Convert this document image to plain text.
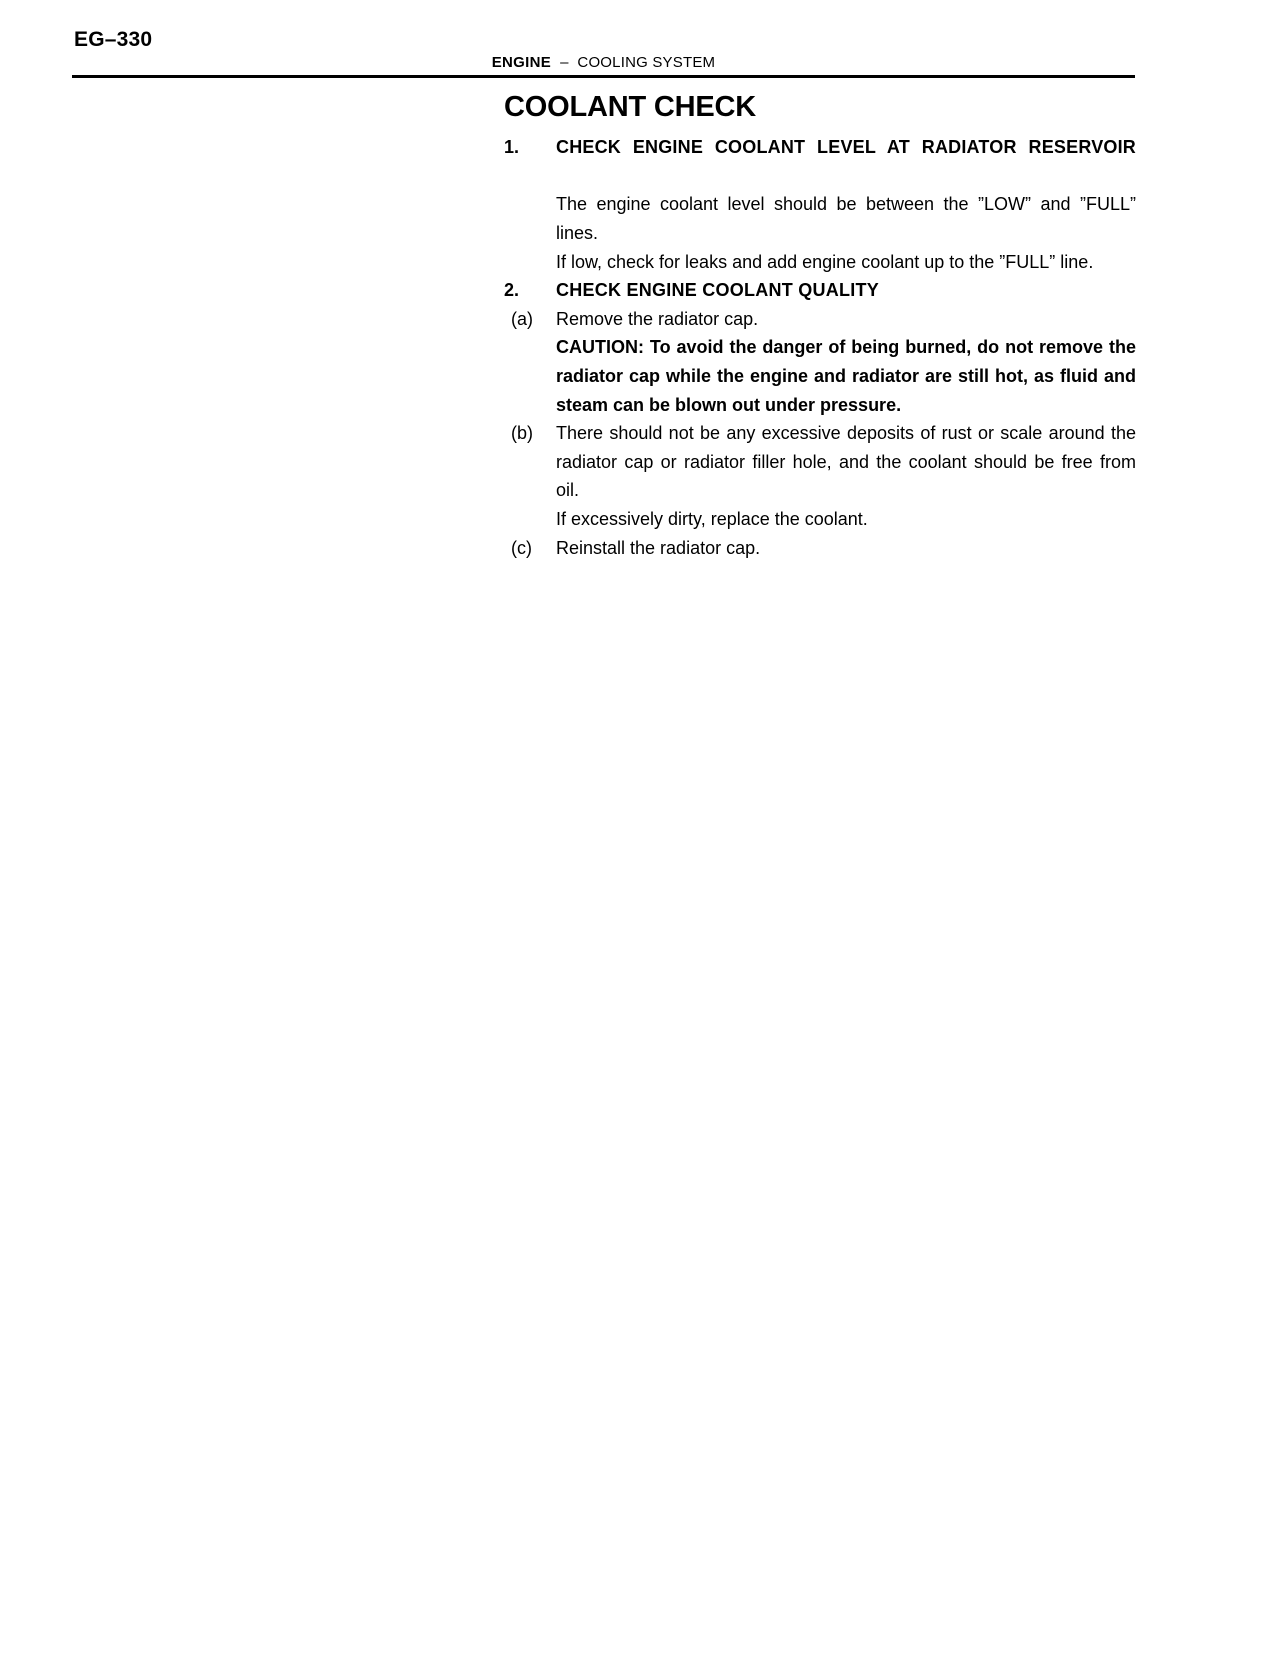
EG–330
ENGINE – COOLING SYSTEM
COOLANT CHECK
1.	CHECK ENGINE COOLANT LEVEL AT RADIATOR RESERVOIR

The engine coolant level should be between the ”LOW” and ”FULL” lines.

If low, check for leaks and add engine coolant up to the ”FULL” line.

2.	CHECK ENGINE COOLANT QUALITY

(a)	Remove the radiator cap.

CAUTION: To avoid the danger of being burned, do not remove the radiator cap while the engine and radiator are still hot, as fluid and steam can be blown out under pressure.

(b)	There should not be any excessive deposits of rust or scale around the radiator cap or radiator filler hole, and the coolant should be free from oil.

If excessively dirty, replace the coolant.

(c)	Reinstall the radiator cap.
